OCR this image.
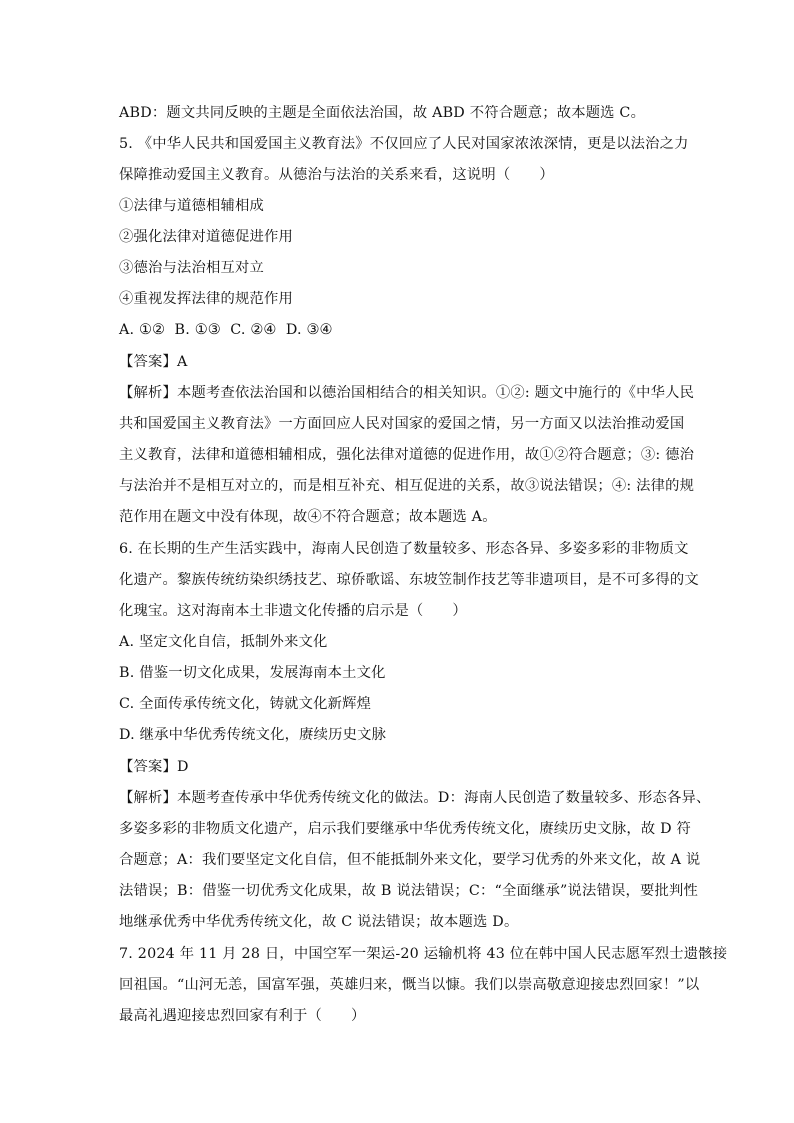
ABD：题文共同反映的主题是全面依法治国，故 ABD 不符合题意；故本题选 C。
5. 《中华人民共和国爱国主义教育法》不仅回应了人民对国家浓浓深情，更是以法治之力
保障推动爱国主义教育。从德治与法治的关系来看，这说明（　　）
①法律与道德相辅相成
②强化法律对道德促进作用
③德治与法治相互对立
④重视发挥法律的规范作用
A. ①②  B. ①③  C. ②④  D. ③④
【答案】A
【解析】本题考查依法治国和以德治国相结合的相关知识。①②: 题文中施行的《中华人民
共和国爱国主义教育法》一方面回应人民对国家的爱国之情，另一方面又以法治推动爱国
主义教育，法律和道德相辅相成，强化法律对道德的促进作用，故①②符合题意；③: 德治
与法治并不是相互对立的，而是相互补充、相互促进的关系，故③说法错误；④: 法律的规
范作用在题文中没有体现，故④不符合题意；故本题选 A。
6. 在长期的生产生活实践中，海南人民创造了数量较多、形态各异、多姿多彩的非物质文
化遗产。黎族传统纺染织绣技艺、琼侨歌谣、东坡笠制作技艺等非遗项目，是不可多得的文
化瑰宝。这对海南本土非遗文化传播的启示是（　　）
A. 坚定文化自信，抵制外来文化
B. 借鉴一切文化成果，发展海南本土文化
C. 全面传承传统文化，铸就文化新辉煌
D. 继承中华优秀传统文化，赓续历史文脉
【答案】D
【解析】本题考查传承中华优秀传统文化的做法。D：海南人民创造了数量较多、形态各异、
多姿多彩的非物质文化遗产，启示我们要继承中华优秀传统文化，赓续历史文脉，故 D 符
合题意；A：我们要坚定文化自信，但不能抵制外来文化，要学习优秀的外来文化，故 A 说
法错误；B：借鉴一切优秀文化成果，故 B 说法错误；C：“全面继承”说法错误，要批判性
地继承优秀中华优秀传统文化，故 C 说法错误；故本题选 D。
7. 2024 年 11 月 28 日，中国空军一架运-20 运输机将 43 位在韩中国人民志愿军烈士遗骸接
回祖国。“山河无恙，国富军强，英雄归来，慨当以慷。我们以崇高敬意迎接忠烈回家！”以
最高礼遇迎接忠烈回家有利于（　　）
